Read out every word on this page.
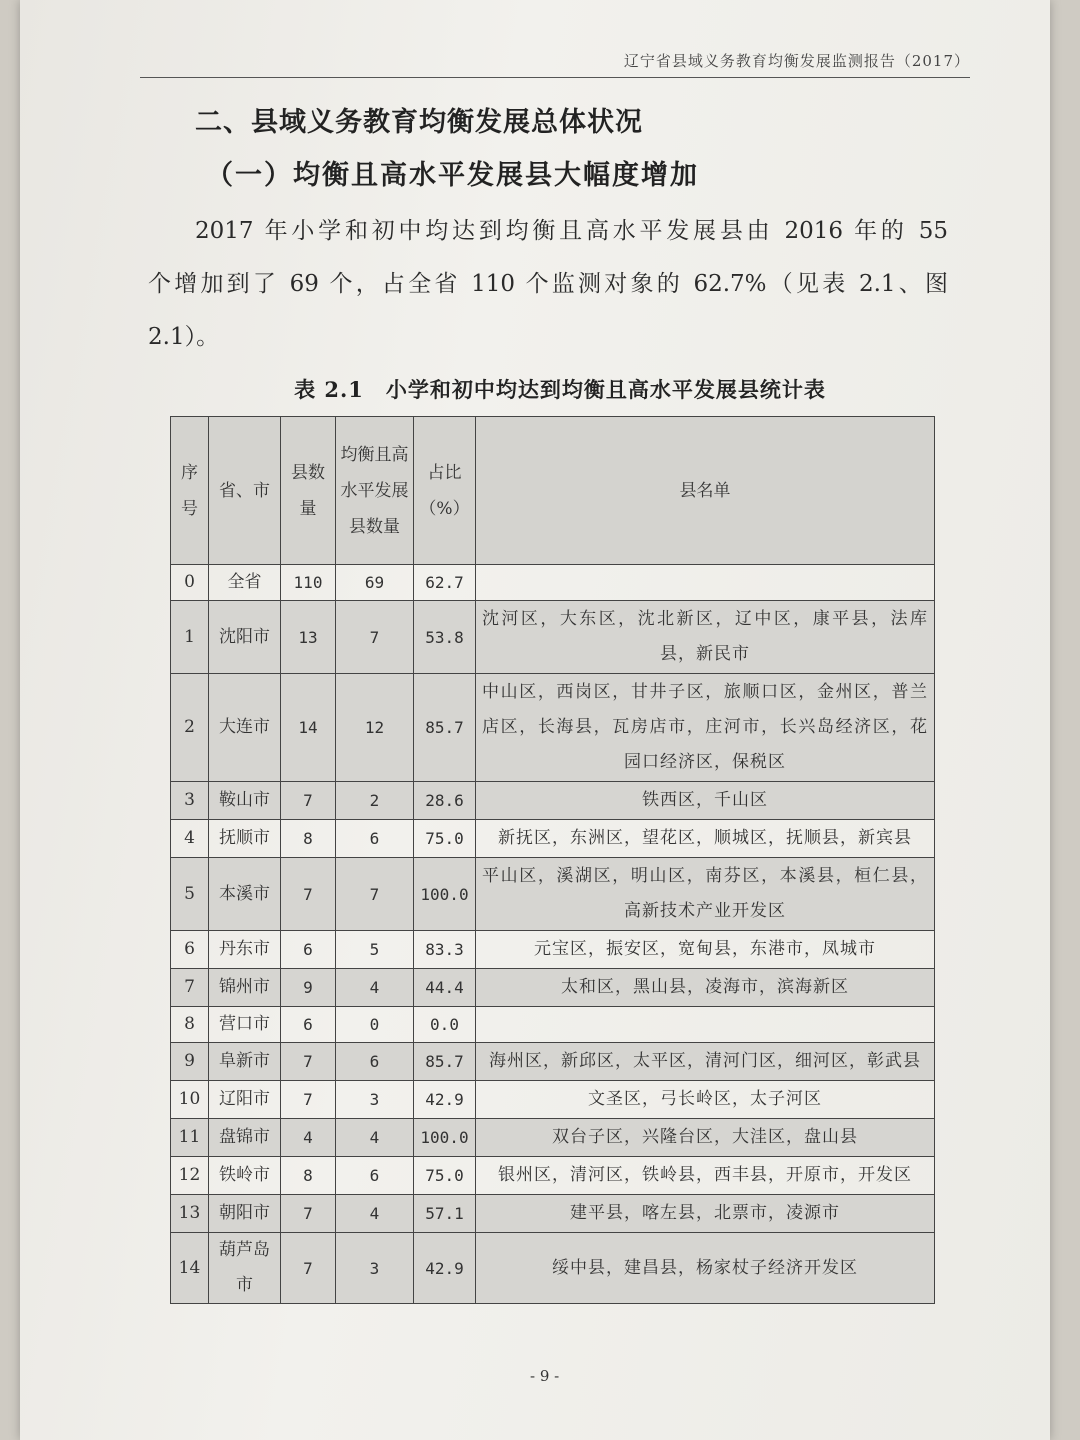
辽宁省县域义务教育均衡发展监测报告（2017）
二、县域义务教育均衡发展总体状况
（一）均衡且高水平发展县大幅度增加
2017 年小学和初中均达到均衡且高水平发展县由 2016 年的 55
个增加到了 69 个，占全省 110 个监测对象的 62.7%（见表 2.1、图
2.1）。
表 2.1　小学和初中均达到均衡且高水平发展县统计表
序号	省、市	县数量	均衡且高水平发展县数量	占比（%）	县名单
0	全省	110	69	62.7	
1	沈阳市	13	7	53.8	沈河区，大东区，沈北新区，辽中区，康平县，法库县，新民市
2	大连市	14	12	85.7	中山区，西岗区，甘井子区，旅顺口区，金州区，普兰店区，长海县，瓦房店市，庄河市，长兴岛经济区，花园口经济区，保税区
3	鞍山市	7	2	28.6	铁西区，千山区
4	抚顺市	8	6	75.0	新抚区，东洲区，望花区，顺城区，抚顺县，新宾县
5	本溪市	7	7	100.0	平山区，溪湖区，明山区，南芬区，本溪县，桓仁县，高新技术产业开发区
6	丹东市	6	5	83.3	元宝区，振安区，宽甸县，东港市，凤城市
7	锦州市	9	4	44.4	太和区，黑山县，凌海市，滨海新区
8	营口市	6	0	0.0	
9	阜新市	7	6	85.7	海州区，新邱区，太平区，清河门区，细河区，彰武县
10	辽阳市	7	3	42.9	文圣区，弓长岭区，太子河区
11	盘锦市	4	4	100.0	双台子区，兴隆台区，大洼区，盘山县
12	铁岭市	8	6	75.0	银州区，清河区，铁岭县，西丰县，开原市，开发区
13	朝阳市	7	4	57.1	建平县，喀左县，北票市，凌源市
14	葫芦岛市	7	3	42.9	绥中县，建昌县，杨家杖子经济开发区
- 9 -
